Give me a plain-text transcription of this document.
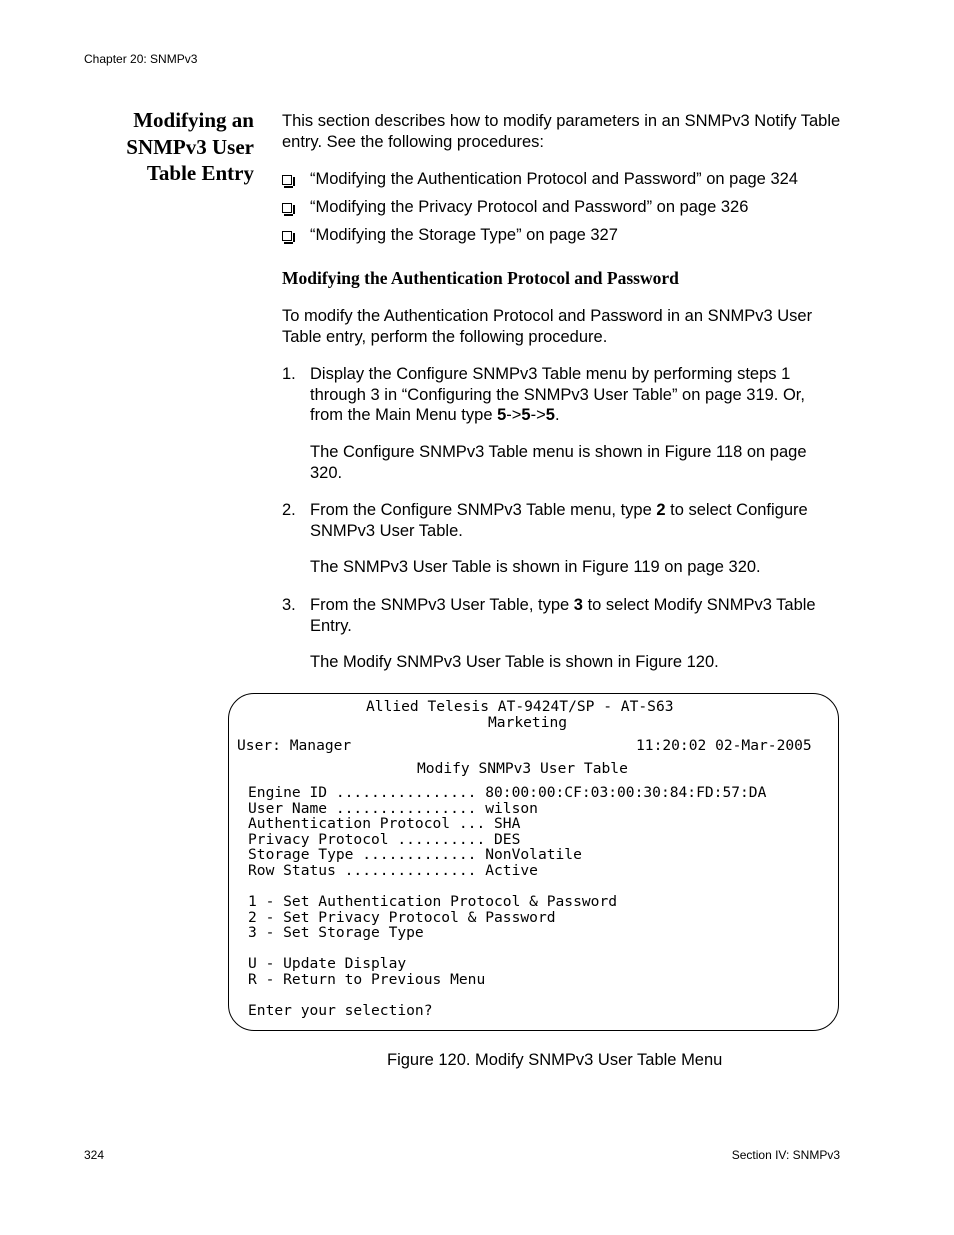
Chapter 20: SNMPv3
Modifying an
SNMPv3 User
Table Entry

This section describes how to modify parameters in an SNMPv3 Notify Table entry. See the following procedures:

“Modifying the Authentication Protocol and Password” on page 324
“Modifying the Privacy Protocol and Password” on page 326
“Modifying the Storage Type” on page 327
Modifying the Authentication Protocol and Password

To modify the Authentication Protocol and Password in an SNMPv3 User Table entry, perform the following procedure.

1. Display the Configure SNMPv3 Table menu by performing steps 1 through 3 in “Configuring the SNMPv3 User Table” on page 319. Or, from the Main Menu type 5->5->5.
The Configure SNMPv3 Table menu is shown in Figure 118 on page 320.
2. From the Configure SNMPv3 Table menu, type 2 to select Configure SNMPv3 User Table.
The SNMPv3 User Table is shown in Figure 119 on page 320.
3. From the SNMPv3 User Table, type 3 to select Modify SNMPv3 Table Entry.
The Modify SNMPv3 User Table is shown in Figure 120.
Allied Telesis AT-9424T/SP - AT-S63
Marketing
User: Manager	11:20:02 02-Mar-2005
Modify SNMPv3 User Table
Engine ID ................ 80:00:00:CF:03:00:30:84:FD:57:DA
User Name ................ wilson
Authentication Protocol ... SHA
Privacy Protocol .......... DES
Storage Type ............. NonVolatile
Row Status ............... Active
1 - Set Authentication Protocol & Password
2 - Set Privacy Protocol & Password
3 - Set Storage Type
U - Update Display
R - Return to Previous Menu
Enter your selection?
Figure 120. Modify SNMPv3 User Table Menu
324	Section IV: SNMPv3
